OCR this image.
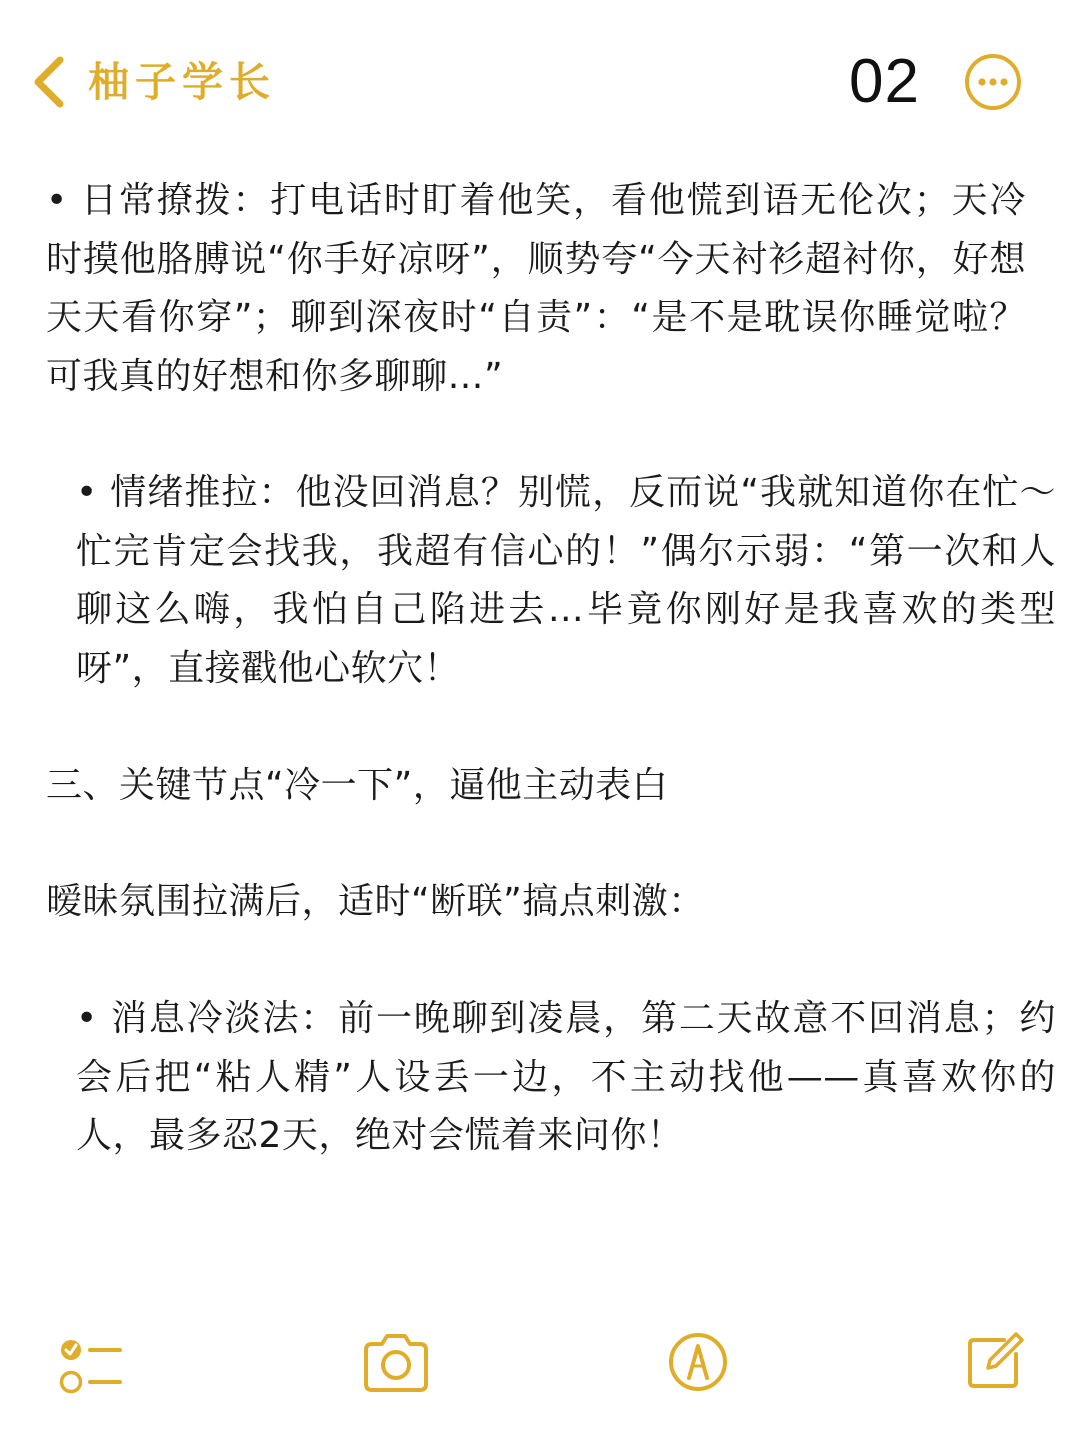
柚子学长	02

• 日常撩拨：打电话时盯着他笑，看他慌到语无伦次；天冷时摸他胳膊说“你手好凉呀”，顺势夸“今天衬衫超衬你，好想天天看你穿”；聊到深夜时“自责”：“是不是耽误你睡觉啦？可我真的好想和你多聊聊…”

• 情绪推拉：他没回消息？别慌，反而说“我就知道你在忙～忙完肯定会找我，我超有信心的！”偶尔示弱：“第一次和人聊这么嗨，我怕自己陷进去…毕竟你刚好是我喜欢的类型呀”，直接戳他心软穴！

三、关键节点“冷一下”，逼他主动表白

暧昧氛围拉满后，适时“断联”搞点刺激：

• 消息冷淡法：前一晚聊到凌晨，第二天故意不回消息；约会后把“粘人精”人设丢一边，不主动找他——真喜欢你的人，最多忍2天，绝对会慌着来问你！
